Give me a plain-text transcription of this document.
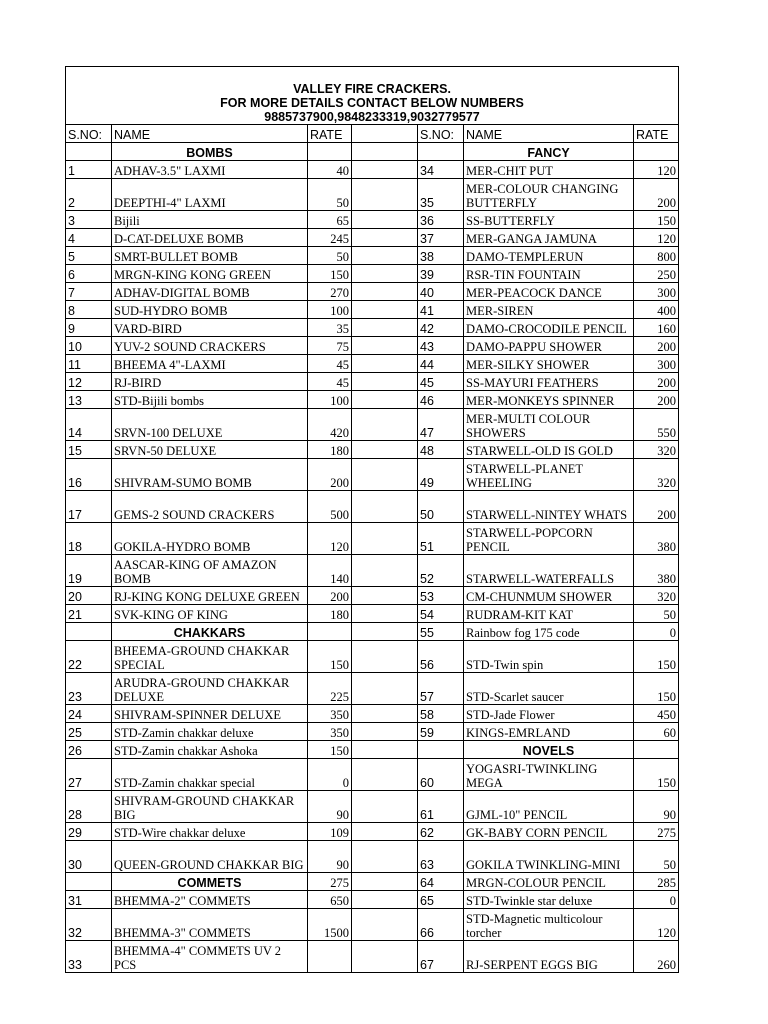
VALLEY FIRE CRACKERS.
FOR MORE DETAILS CONTACT BELOW NUMBERS
9885737900,9848233319,9032779577						

S.NO:	NAME	RATE		S.NO:	NAME	RATE
	BOMBS				FANCY	
1	ADHAV-3.5" LAXMI	40		34	MER-CHIT PUT	120
2	DEEPTHI-4" LAXMI	50		35	MER-COLOUR CHANGING BUTTERFLY	200
3	Bijili	65		36	SS-BUTTERFLY	150
4	D-CAT-DELUXE BOMB	245		37	MER-GANGA JAMUNA	120
5	SMRT-BULLET BOMB	50		38	DAMO-TEMPLERUN	800
6	MRGN-KING KONG GREEN	150		39	RSR-TIN FOUNTAIN	250
7	ADHAV-DIGITAL BOMB	270		40	MER-PEACOCK DANCE	300
8	SUD-HYDRO BOMB	100		41	MER-SIREN	400
9	VARD-BIRD	35		42	DAMO-CROCODILE PENCIL	160
10	YUV-2 SOUND CRACKERS	75		43	DAMO-PAPPU SHOWER	200
11	BHEEMA 4"-LAXMI	45		44	MER-SILKY SHOWER	300
12	RJ-BIRD	45		45	SS-MAYURI FEATHERS	200
13	STD-Bijili bombs	100		46	MER-MONKEYS SPINNER	200
14	SRVN-100 DELUXE	420		47	MER-MULTI COLOUR SHOWERS	550
15	SRVN-50 DELUXE	180		48	STARWELL-OLD IS GOLD	320
16	SHIVRAM-SUMO BOMB	200		49	STARWELL-PLANET WHEELING	320
17	GEMS-2 SOUND CRACKERS	500		50	STARWELL-NINTEY WHATS	200
18	GOKILA-HYDRO BOMB	120		51	STARWELL-POPCORN PENCIL	380
19	AASCAR-KING OF AMAZON BOMB	140		52	STARWELL-WATERFALLS	380
20	RJ-KING KONG DELUXE GREEN	200		53	CM-CHUNMUM SHOWER	320
21	SVK-KING OF KING	180		54	RUDRAM-KIT KAT	50
	CHAKKARS			55	Rainbow fog 175 code	0
22	BHEEMA-GROUND CHAKKAR SPECIAL	150		56	STD-Twin spin	150
23	ARUDRA-GROUND CHAKKAR DELUXE	225		57	STD-Scarlet saucer	150
24	SHIVRAM-SPINNER DELUXE	350		58	STD-Jade Flower	450
25	STD-Zamin chakkar deluxe	350		59	KINGS-EMRLAND	60
26	STD-Zamin chakkar Ashoka	150			NOVELS	
27	STD-Zamin chakkar special	0		60	YOGASRI-TWINKLING MEGA	150
28	SHIVRAM-GROUND CHAKKAR BIG	90		61	GJML-10" PENCIL	90
29	STD-Wire chakkar deluxe	109		62	GK-BABY CORN PENCIL	275
30	QUEEN-GROUND CHAKKAR BIG	90		63	GOKILA TWINKLING-MINI	50
	COMMETS	275		64	MRGN-COLOUR PENCIL	285
31	BHEMMA-2" COMMETS	650		65	STD-Twinkle star deluxe	0
32	BHEMMA-3" COMMETS	1500		66	STD-Magnetic multicolour torcher	120
33	BHEMMA-4" COMMETS UV 2 PCS			67	RJ-SERPENT EGGS BIG	260
